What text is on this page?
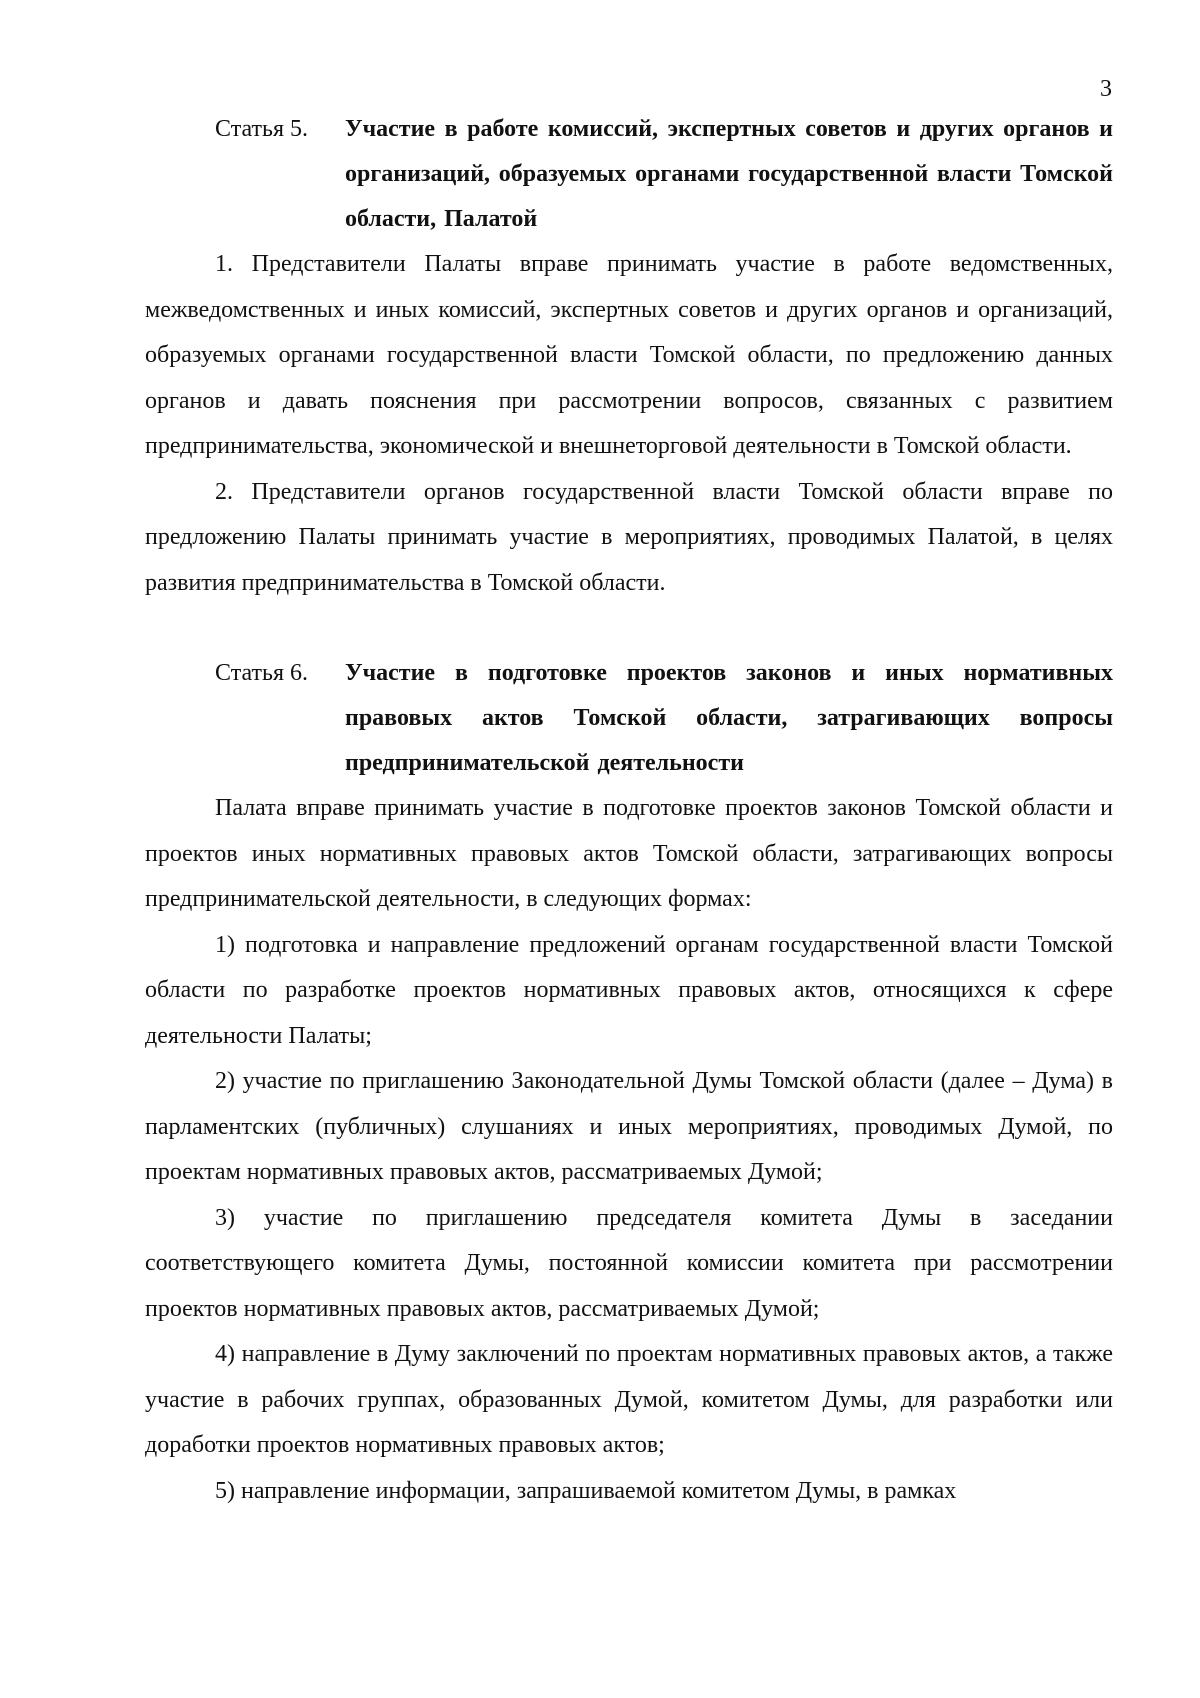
3
Статья 5. Участие в работе комиссий, экспертных советов и других органов и организаций, образуемых органами государственной власти Томской области, Палатой

1. Представители Палаты вправе принимать участие в работе ведомственных, межведомственных и иных комиссий, экспертных советов и других органов и организаций, образуемых органами государственной власти Томской области, по предложению данных органов и давать пояснения при рассмотрении вопросов, связанных с развитием предпринимательства, экономической и внешнеторговой деятельности в Томской области.

2. Представители органов государственной власти Томской области вправе по предложению Палаты принимать участие в мероприятиях, проводимых Палатой, в целях развития предпринимательства в Томской области.

Статья 6. Участие в подготовке проектов законов и иных нормативных правовых актов Томской области, затрагивающих вопросы предпринимательской деятельности

Палата вправе принимать участие в подготовке проектов законов Томской области и проектов иных нормативных правовых актов Томской области, затрагивающих вопросы предпринимательской деятельности, в следующих формах:

1) подготовка и направление предложений органам государственной власти Томской области по разработке проектов нормативных правовых актов, относящихся к сфере деятельности Палаты;

2) участие по приглашению Законодательной Думы Томской области (далее – Дума) в парламентских (публичных) слушаниях и иных мероприятиях, проводимых Думой, по проектам нормативных правовых актов, рассматриваемых Думой;

3) участие по приглашению председателя комитета Думы в заседании соответствующего комитета Думы, постоянной комиссии комитета при рассмотрении проектов нормативных правовых актов, рассматриваемых Думой;

4) направление в Думу заключений по проектам нормативных правовых актов, а также участие в рабочих группах, образованных Думой, комитетом Думы, для разработки или доработки проектов нормативных правовых актов;

5) направление информации, запрашиваемой комитетом Думы, в рамках
